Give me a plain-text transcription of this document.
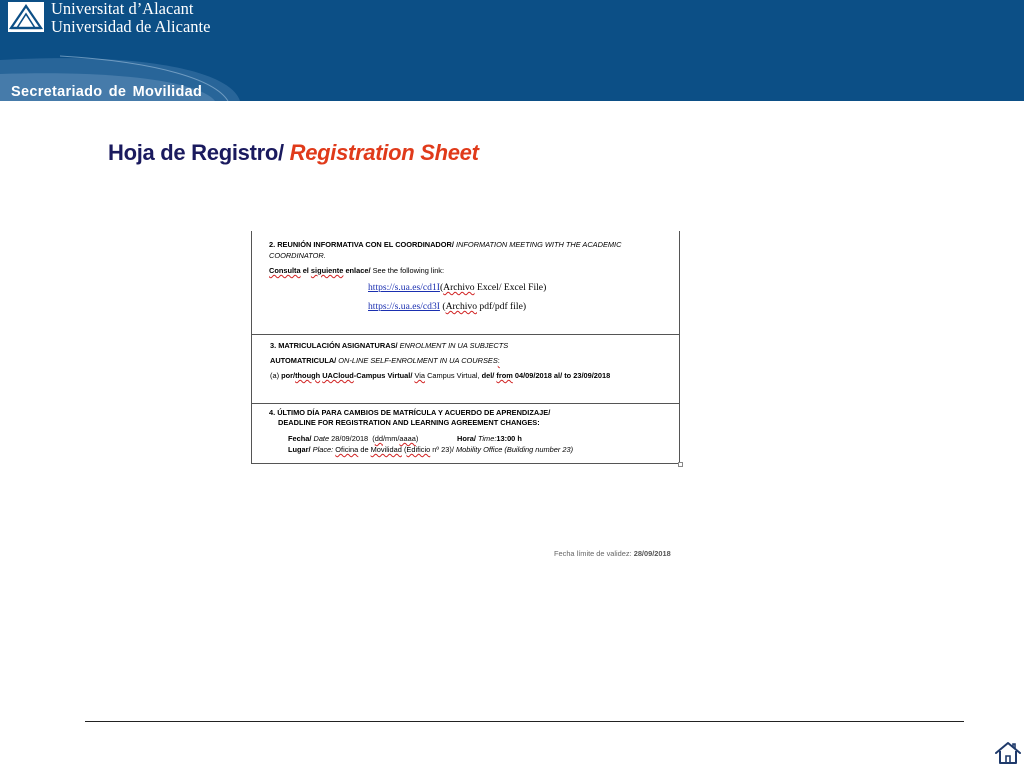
Universitat d’Alacant
Universidad de Alicante
Secretariado de Movilidad
Hoja de Registro/ Registration Sheet
2. REUNIÓN INFORMATIVA CON EL COORDINADOR/ INFORMATION MEETING WITH THE ACADEMIC
COORDINATOR.
Consulta el siguiente enlace/ See the following link:
https://s.ua.es/cd1I(Archivo Excel/ Excel File)
https://s.ua.es/cd3I (Archivo pdf/pdf file)
3. MATRICULACIÓN ASIGNATURAS/ ENROLMENT IN UA SUBJECTS
AUTOMATRICULA/ ON-LINE SELF-ENROLMENT IN UA COURSES:
(a) por/though UACloud-Campus Virtual/ Via Campus Virtual, del/ from 04/09/2018 al/ to 23/09/2018
4. ÚLTIMO DÍA PARA CAMBIOS DE MATRÍCULA Y ACUERDO DE APRENDIZAJE/
DEADLINE FOR REGISTRATION AND LEARNING AGREEMENT CHANGES:
Fecha/ Date 28/09/2018 (dd/mm/aaaa)	Hora/ Time:13:00 h
Lugar/ Place: Oficina de Movilidad (Edificio nº 23)/ Mobility Office (Building number 23)
Fecha límite de validez: 28/09/2018
